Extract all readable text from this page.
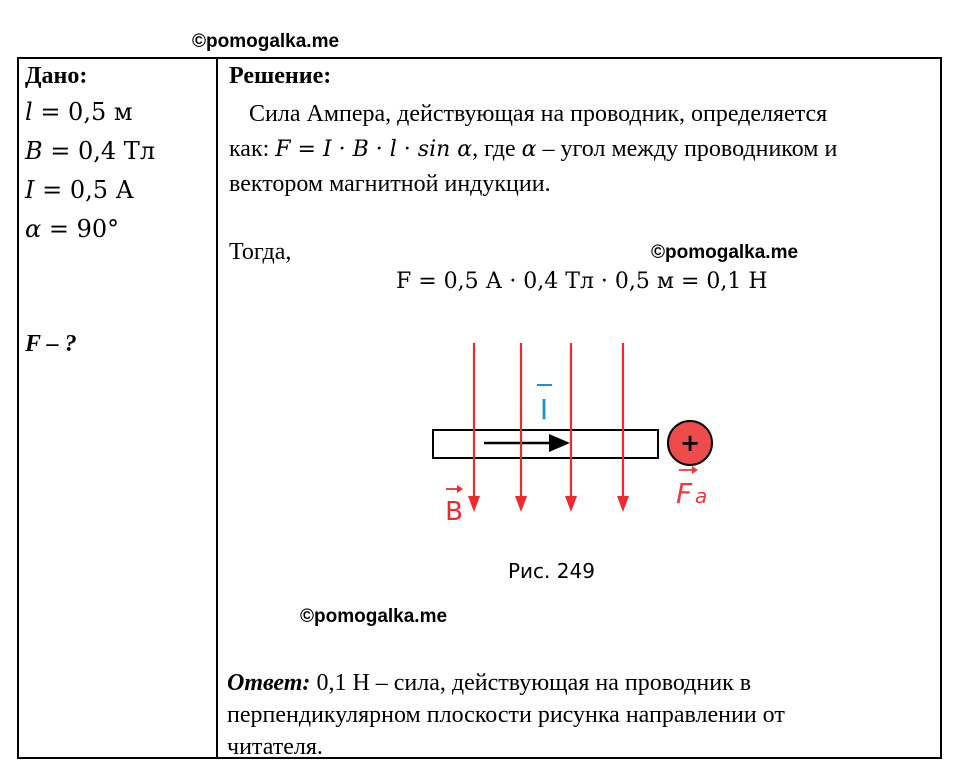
©pomogalka.me
Дано:
l = 0,5 м
B = 0,4 Тл
I = 0,5 А
α = 90°
F – ?
Решение:
Сила Ампера, действующая на проводник, определяется
как: F = I · B · l · sin α, где α – угол между проводником и
вектором магнитной индукции.
Тогда,	©pomogalka.me
F = 0,5 А · 0,4 Тл · 0,5 м = 0,1 Н
I
B
+
F a
Рис. 249
©pomogalka.me
Ответ: 0,1 Н – сила, действующая на проводник в
перпендикулярном плоскости рисунка направлении от
читателя.
